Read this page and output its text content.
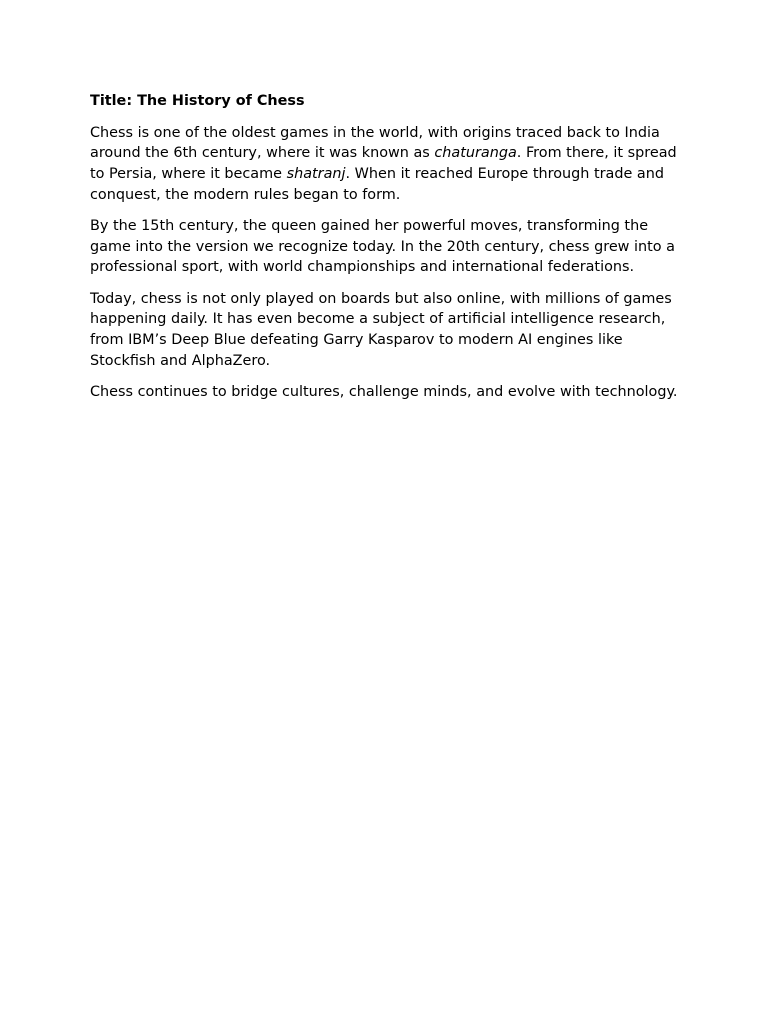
Title: The History of Chess

Chess is one of the oldest games in the world, with origins traced back to India around the 6th century, where it was known as chaturanga. From there, it spread to Persia, where it became shatranj. When it reached Europe through trade and conquest, the modern rules began to form.

By the 15th century, the queen gained her powerful moves, transforming the game into the version we recognize today. In the 20th century, chess grew into a professional sport, with world championships and international federations.

Today, chess is not only played on boards but also online, with millions of games happening daily. It has even become a subject of artificial intelligence research, from IBM’s Deep Blue defeating Garry Kasparov to modern AI engines like Stockfish and AlphaZero.

Chess continues to bridge cultures, challenge minds, and evolve with technology.
